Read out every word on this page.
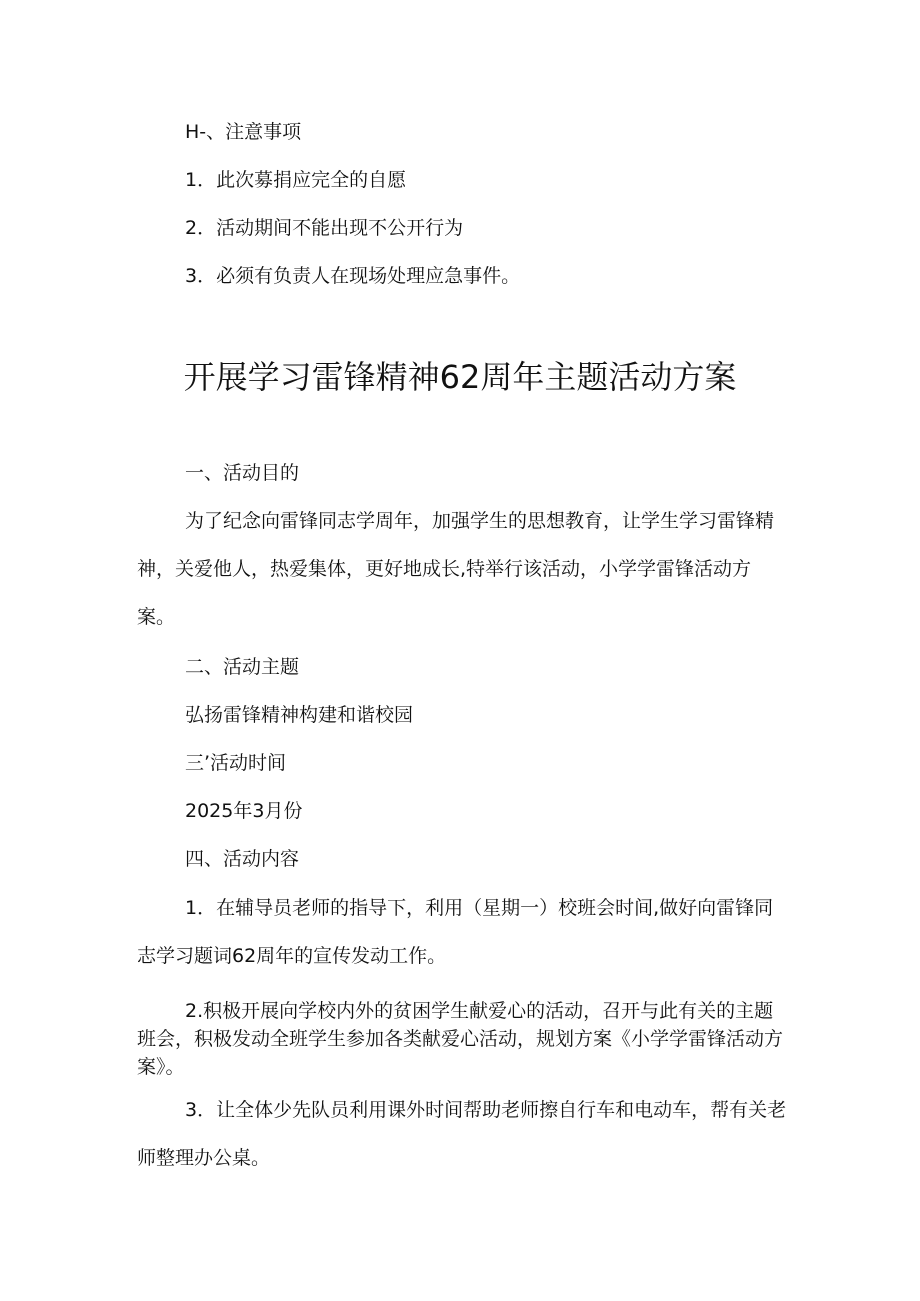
H-、注意事项
1．此次募捐应完全的自愿
2．活动期间不能出现不公开行为
3．必须有负责人在现场处理应急事件。
开展学习雷锋精神62周年主题活动方案
一、活动目的
为了纪念向雷锋同志学周年，加强学生的思想教育，让学生学习雷锋精神，关爱他人，热爱集体，更好地成长,特举行该活动，小学学雷锋活动方案。
二、活动主题
弘扬雷锋精神构建和谐校园
三’活动时间
2025年3月份
四、活动内容
1．在辅导员老师的指导下，利用（星期一）校班会时间,做好向雷锋同志学习题词62周年的宣传发动工作。
2.积极开展向学校内外的贫困学生献爱心的活动，召开与此有关的主题班会，积极发动全班学生参加各类献爱心活动，规划方案《小学学雷锋活动方案》。
3．让全体少先队员利用课外时间帮助老师擦自行车和电动车，帮有关老师整理办公桌。
